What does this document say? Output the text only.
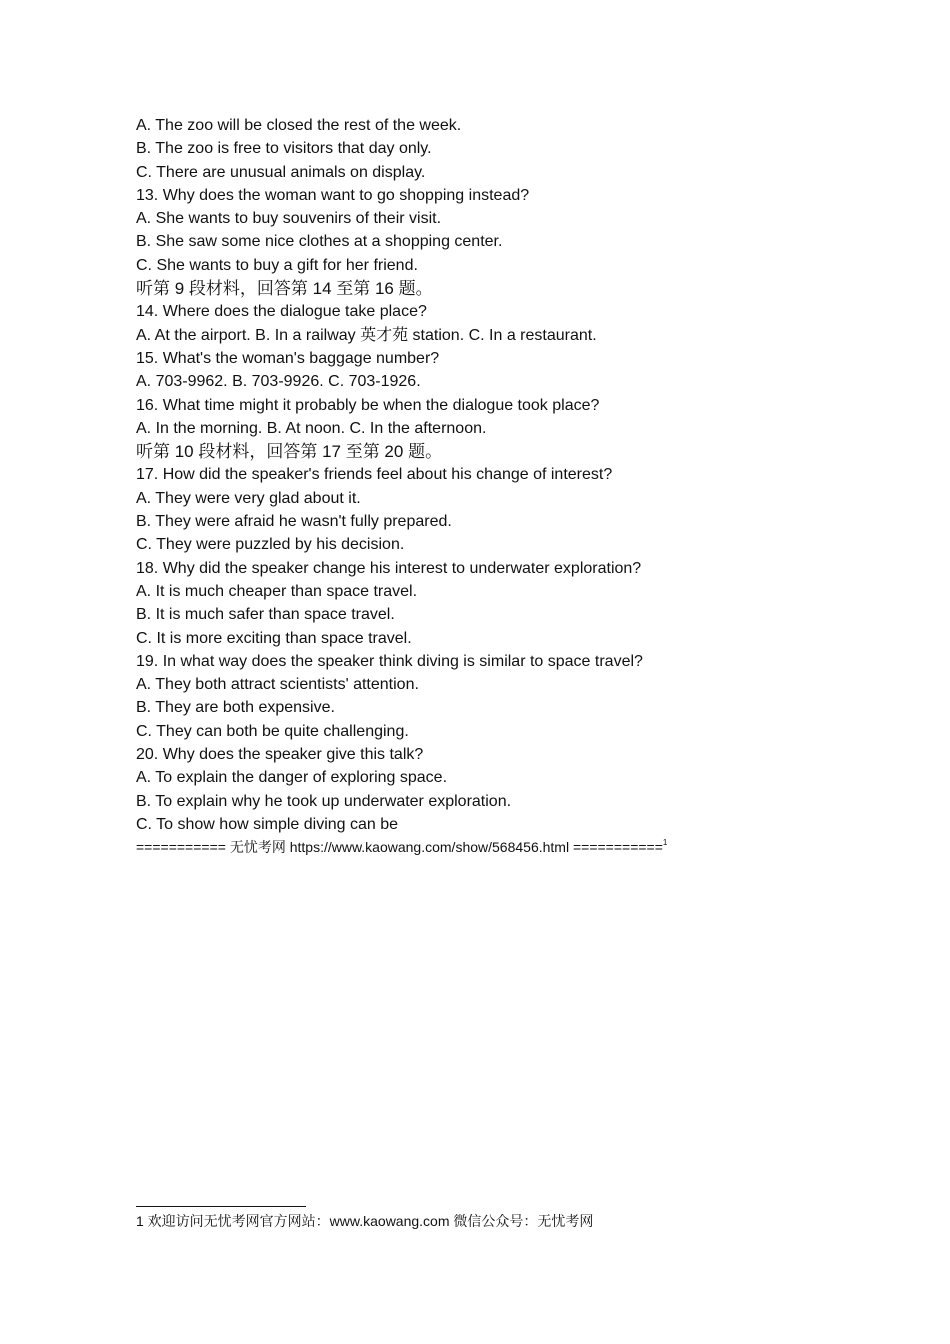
A. The zoo will be closed the rest of the week.
B. The zoo is free to visitors that day only.
C. There are unusual animals on display.
13. Why does the woman want to go shopping instead?
A. She wants to buy souvenirs of their visit.
B. She saw some nice clothes at a shopping center.
C. She wants to buy a gift for her friend.
听第 9 段材料，回答第 14 至第 16 题。
14. Where does the dialogue take place?
A. At the airport. B. In a railway 英才苑 station. C. In a restaurant.
15. What's the woman's baggage number?
A. 703-9962. B. 703-9926. C. 703-1926.
16. What time might it probably be when the dialogue took place?
A. In the morning. B. At noon. C. In the afternoon.
听第 10 段材料，回答第 17 至第 20 题。
17. How did the speaker's friends feel about his change of interest?
A. They were very glad about it.
B. They were afraid he wasn't fully prepared.
C. They were puzzled by his decision.
18. Why did the speaker change his interest to underwater exploration?
A. It is much cheaper than space travel.
B. It is much safer than space travel.
C. It is more exciting than space travel.
19. In what way does the speaker think diving is similar to space travel?
A. They both attract scientists' attention.
B. They are both expensive.
C. They can both be quite challenging.
20. Why does the speaker give this talk?
A. To explain the danger of exploring space.
B. To explain why he took up underwater exploration.
C. To show how simple diving can be
=========== 无忧考网 https://www.kaowang.com/show/568456.html ===========$^1$
1 欢迎访问无忧考网官方网站：www.kaowang.com 微信公众号：无忧考网
